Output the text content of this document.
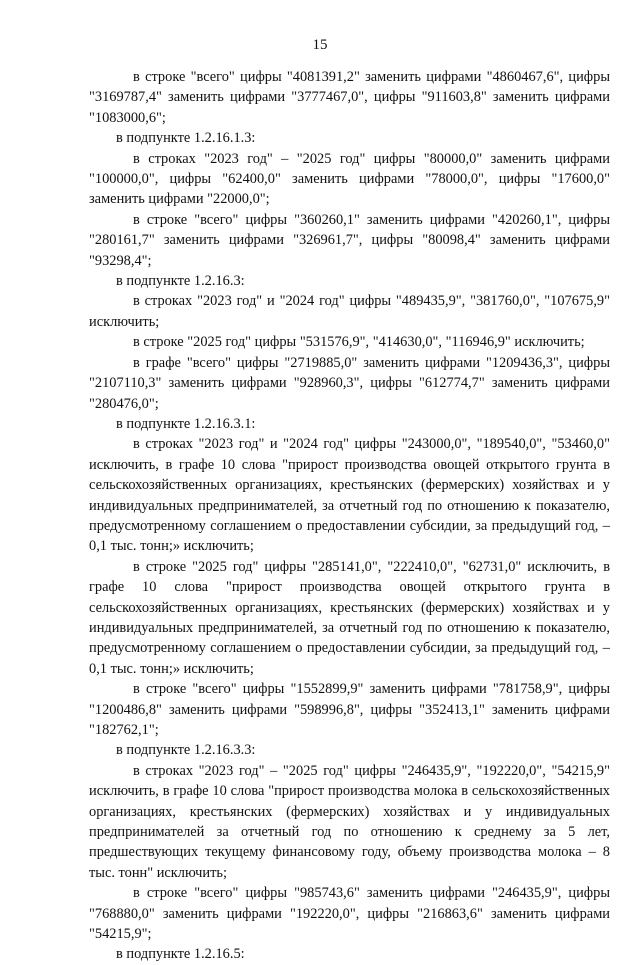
15

в строке "всего" цифры "4081391,2" заменить цифрами "4860467,6", цифры "3169787,4" заменить цифрами "3777467,0", цифры "911603,8" заменить цифрами "1083000,6";

в подпункте 1.2.16.1.3:

в строках "2023 год" – "2025 год" цифры "80000,0" заменить цифрами "100000,0", цифры "62400,0" заменить цифрами "78000,0", цифры "17600,0" заменить цифрами "22000,0";

в строке "всего" цифры "360260,1" заменить цифрами "420260,1", цифры "280161,7" заменить цифрами "326961,7", цифры "80098,4" заменить цифрами "93298,4";

в подпункте 1.2.16.3:

в строках "2023 год" и "2024 год" цифры "489435,9", "381760,0", "107675,9" исключить;

в строке "2025 год" цифры "531576,9", "414630,0", "116946,9" исключить;

в графе "всего" цифры "2719885,0" заменить цифрами "1209436,3", цифры "2107110,3" заменить цифрами "928960,3", цифры "612774,7" заменить цифрами "280476,0";

в подпункте 1.2.16.3.1:

в строках "2023 год" и "2024 год" цифры "243000,0", "189540,0", "53460,0" исключить, в графе 10 слова "прирост производства овощей открытого грунта в сельскохозяйственных организациях, крестьянских (фермерских) хозяйствах и у индивидуальных предпринимателей, за отчетный год по отношению к показателю, предусмотренному соглашением о предоставлении субсидии, за предыдущий год, – 0,1 тыс. тонн;» исключить;

в строке "2025 год" цифры "285141,0", "222410,0", "62731,0" исключить, в графе 10 слова "прирост производства овощей открытого грунта в сельскохозяйственных организациях, крестьянских (фермерских) хозяйствах и у индивидуальных предпринимателей, за отчетный год по отношению к показателю, предусмотренному соглашением о предоставлении субсидии, за предыдущий год, – 0,1 тыс. тонн;» исключить;

в строке "всего" цифры "1552899,9" заменить цифрами "781758,9", цифры "1200486,8" заменить цифрами "598996,8", цифры "352413,1" заменить цифрами "182762,1";

в подпункте 1.2.16.3.3:

в строках "2023 год" – "2025 год" цифры "246435,9", "192220,0", "54215,9" исключить, в графе 10 слова "прирост производства молока в сельскохозяйственных организациях, крестьянских (фермерских) хозяйствах и у индивидуальных предпринимателей за отчетный год по отношению к среднему за 5 лет, предшествующих текущему финансовому году, объему производства молока – 8 тыс. тонн" исключить;

в строке "всего" цифры "985743,6" заменить цифрами "246435,9", цифры "768880,0" заменить цифрами "192220,0", цифры "216863,6" заменить цифрами "54215,9";

в подпункте 1.2.16.5:
